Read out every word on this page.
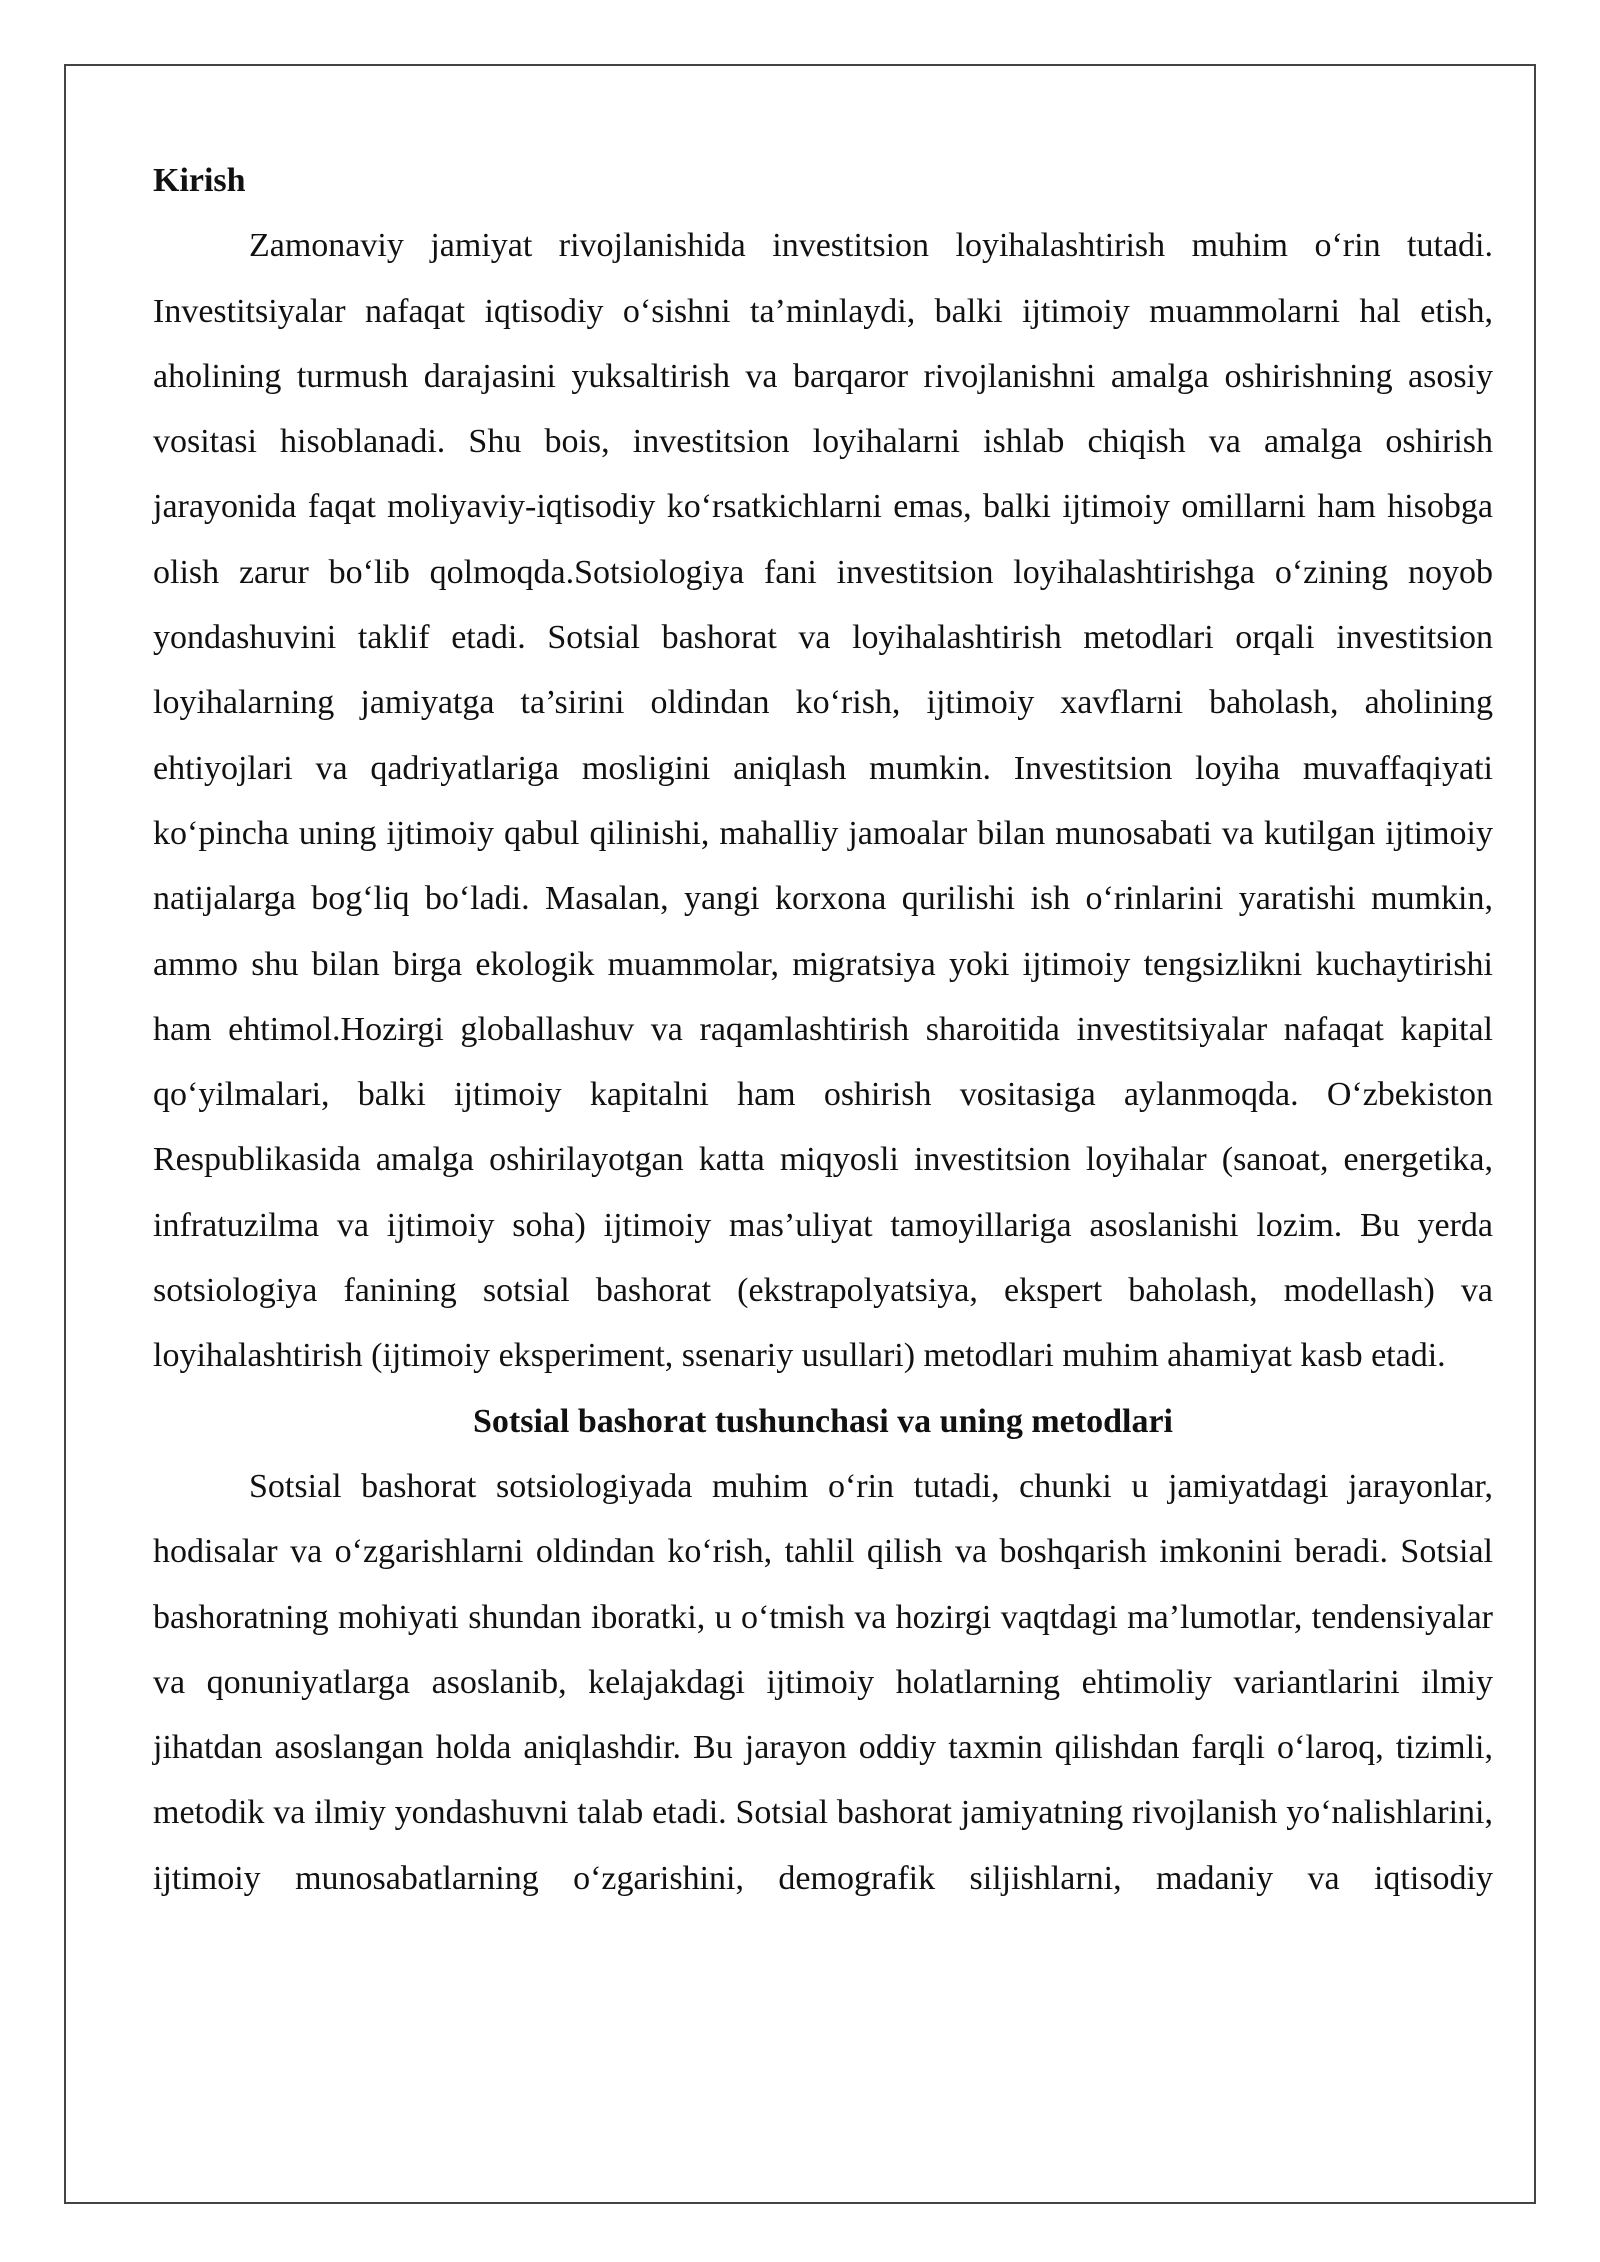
Kirish

Zamonaviy jamiyat rivojlanishida investitsion loyihalashtirish muhim o‘rin tutadi. Investitsiyalar nafaqat iqtisodiy o‘sishni ta’minlaydi, balki ijtimoiy muammolarni hal etish, aholining turmush darajasini yuksaltirish va barqaror rivojlanishni amalga oshirishning asosiy vositasi hisoblanadi. Shu bois, investitsion loyihalarni ishlab chiqish va amalga oshirish jarayonida faqat moliyaviy-iqtisodiy ko‘rsatkichlarni emas, balki ijtimoiy omillarni ham hisobga olish zarur bo‘lib qolmoqda.Sotsiologiya fani investitsion loyihalashtirishga o‘zining noyob yondashuvini taklif etadi. Sotsial bashorat va loyihalashtirish metodlari orqali investitsion loyihalarning jamiyatga ta’sirini oldindan ko‘rish, ijtimoiy xavflarni baholash, aholining ehtiyojlari va qadriyatlariga mosligini aniqlash mumkin. Investitsion loyiha muvaffaqiyati ko‘pincha uning ijtimoiy qabul qilinishi, mahalliy jamoalar bilan munosabati va kutilgan ijtimoiy natijalarga bog‘liq bo‘ladi. Masalan, yangi korxona qurilishi ish o‘rinlarini yaratishi mumkin, ammo shu bilan birga ekologik muammolar, migratsiya yoki ijtimoiy tengsizlikni kuchaytirishi ham ehtimol.Hozirgi globallashuv va raqamlashtirish sharoitida investitsiyalar nafaqat kapital qo‘yilmalari, balki ijtimoiy kapitalni ham oshirish vositasiga aylanmoqda. O‘zbekiston Respublikasida amalga oshirilayotgan katta miqyosli investitsion loyihalar (sanoat, energetika, infratuzilma va ijtimoiy soha) ijtimoiy mas’uliyat tamoyillariga asoslanishi lozim. Bu yerda sotsiologiya fanining sotsial bashorat (ekstrapolyatsiya, ekspert baholash, modellash) va loyihalashtirish (ijtimoiy eksperiment, ssenariy usullari) metodlari muhim ahamiyat kasb etadi.

Sotsial bashorat tushunchasi va uning metodlari

Sotsial bashorat sotsiologiyada muhim o‘rin tutadi, chunki u jamiyatdagi jarayonlar, hodisalar va o‘zgarishlarni oldindan ko‘rish, tahlil qilish va boshqarish imkonini beradi. Sotsial bashoratning mohiyati shundan iboratki, u o‘tmish va hozirgi vaqtdagi ma’lumotlar, tendensiyalar va qonuniyatlarga asoslanib, kelajakdagi ijtimoiy holatlarning ehtimoliy variantlarini ilmiy jihatdan asoslangan holda aniqlashdir. Bu jarayon oddiy taxmin qilishdan farqli o‘laroq, tizimli, metodik va ilmiy yondashuvni talab etadi. Sotsial bashorat jamiyatning rivojlanish yo‘nalishlarini, ijtimoiy munosabatlarning o‘zgarishini, demografik siljishlarni, madaniy va iqtisodiy
